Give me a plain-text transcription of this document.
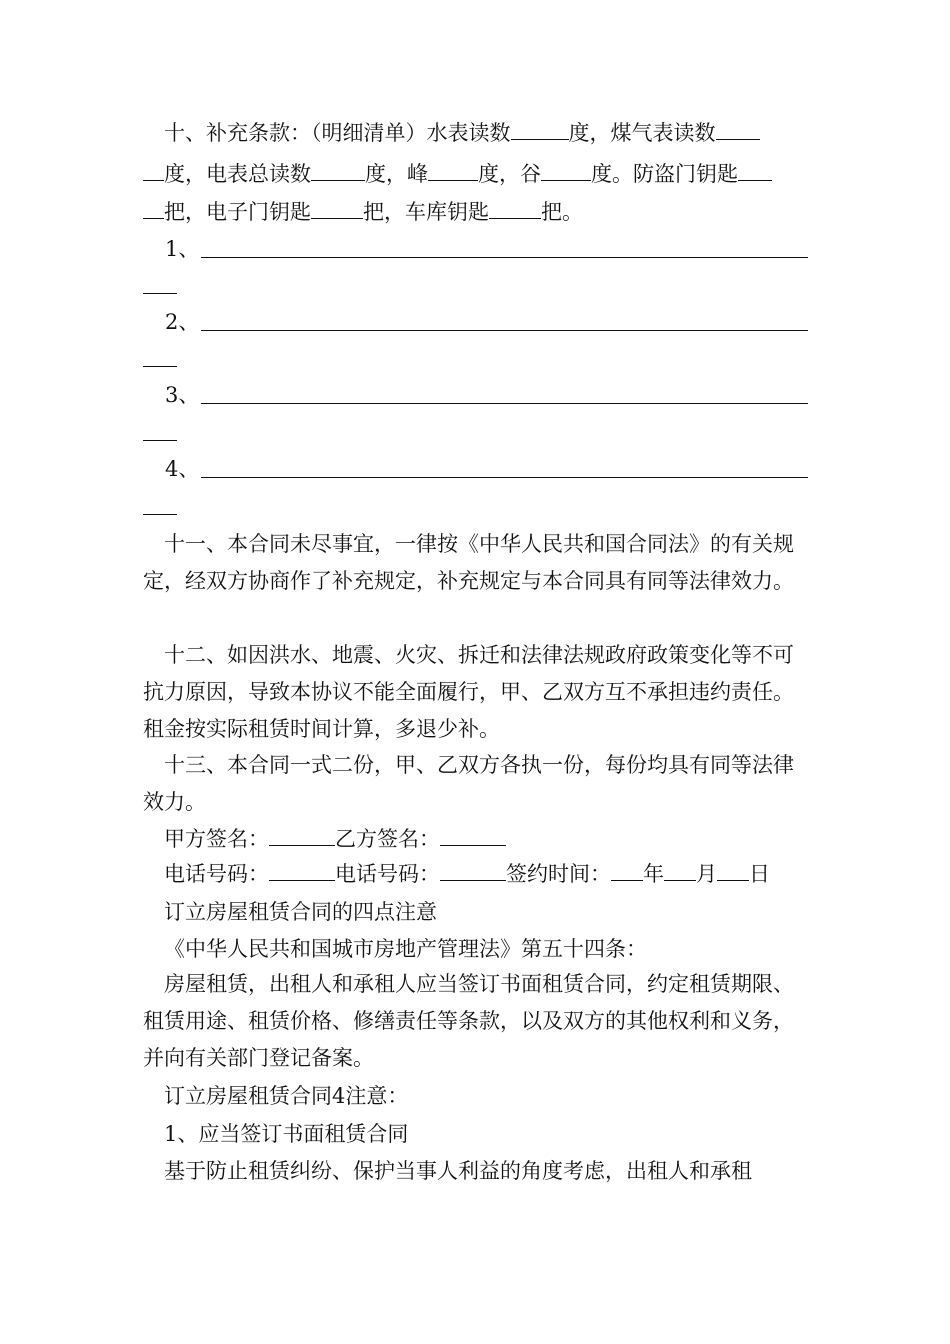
十、补充条款：（明细清单）水表读数	度，煤气表读数
度，电表总读数	度，峰 度，谷 度。防盗门钥匙
把，电子门钥匙 把，车库钥匙 把。
1、
2、
3、
4、

十一、本合同未尽事宜，一律按《中华人民共和国合同法》的有关规定，经双方协商作了补充规定，补充规定与本合同具有同等法律效力。

十二、如因洪水、地震、火灾、拆迁和法律法规政府政策变化等不可抗力原因，导致本协议不能全面履行，甲、乙双方互不承担违约责任。租金按实际租赁时间计算，多退少补。

十三、本合同一式二份，甲、乙双方各执一份，每份均具有同等法律效力。

甲方签名：	乙方签名：
电话号码：	电话号码：	签约时间： 年 月 日
订立房屋租赁合同的四点注意
《中华人民共和国城市房地产管理法》第五十四条：

房屋租赁，出租人和承租人应当签订书面租赁合同，约定租赁期限、租赁用途、租赁价格、修缮责任等条款，以及双方的其他权利和义务，并向有关部门登记备案。

订立房屋租赁合同4注意：
1、应当签订书面租赁合同
基于防止租赁纠纷、保护当事人利益的角度考虑，出租人和承租
